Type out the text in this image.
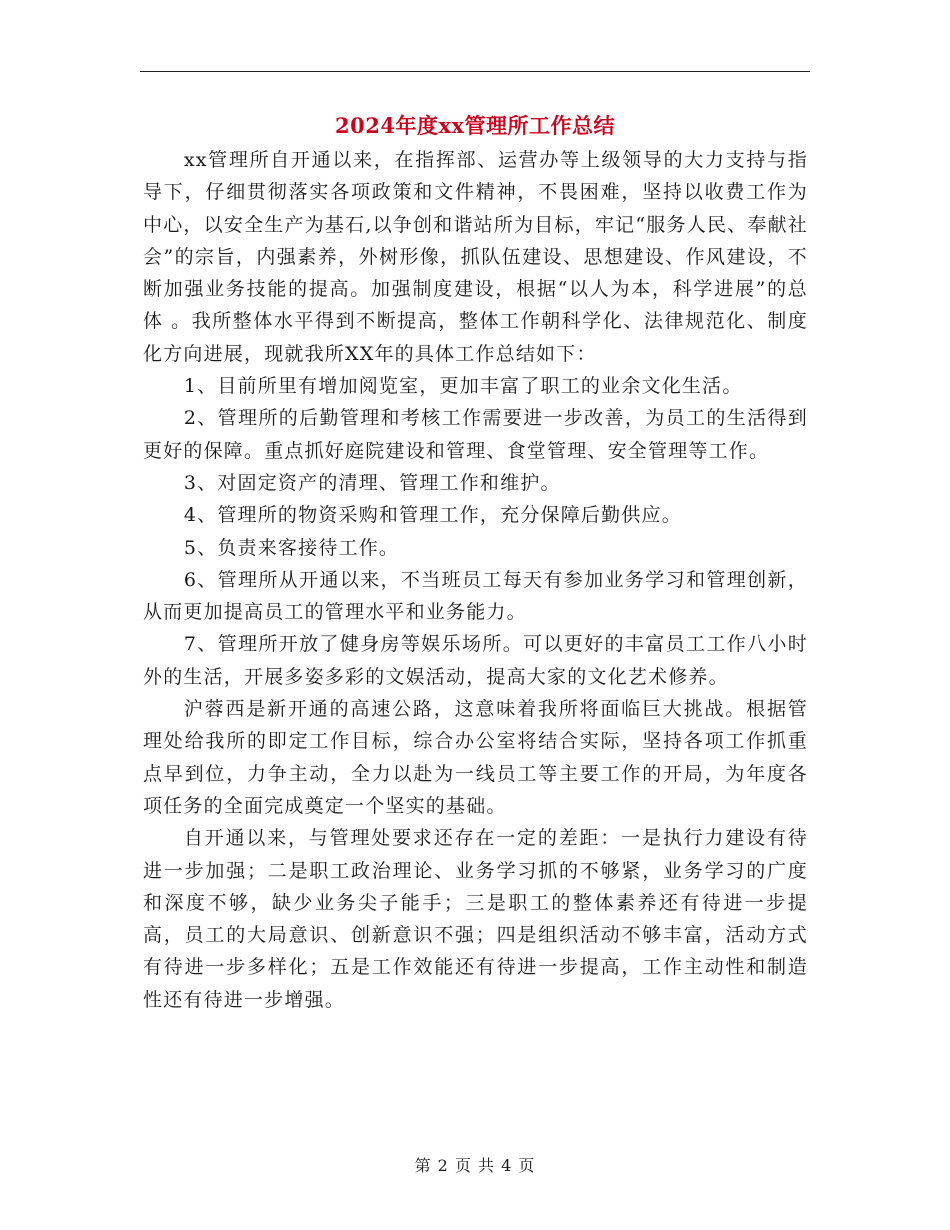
2024年度xx管理所工作总结

xx管理所自开通以来，在指挥部、运营办等上级领导的大力支持与指导下，仔细贯彻落实各项政策和文件精神，不畏困难，坚持以收费工作为中心，以安全生产为基石,以争创和谐站所为目标，牢记“服务人民、奉献社会”的宗旨，内强素养，外树形像，抓队伍建设、思想建设、作风建设，不断加强业务技能的提高。加强制度建设，根据“以人为本，科学进展”的总体 。我所整体水平得到不断提高，整体工作朝科学化、法律规范化、制度化方向进展，现就我所XX年的具体工作总结如下：

1、目前所里有增加阅览室，更加丰富了职工的业余文化生活。

2、管理所的后勤管理和考核工作需要进一步改善，为员工的生活得到更好的保障。重点抓好庭院建设和管理、食堂管理、安全管理等工作。

3、对固定资产的清理、管理工作和维护。

4、管理所的物资采购和管理工作，充分保障后勤供应。

5、负责来客接待工作。

6、管理所从开通以来，不当班员工每天有参加业务学习和管理创新，从而更加提高员工的管理水平和业务能力。

7、管理所开放了健身房等娱乐场所。可以更好的丰富员工工作八小时外的生活，开展多姿多彩的文娱活动，提高大家的文化艺术修养。

沪蓉西是新开通的高速公路，这意味着我所将面临巨大挑战。根据管理处给我所的即定工作目标，综合办公室将结合实际，坚持各项工作抓重点早到位，力争主动，全力以赴为一线员工等主要工作的开局，为年度各项任务的全面完成奠定一个坚实的基础。

自开通以来，与管理处要求还存在一定的差距：一是执行力建设有待进一步加强；二是职工政治理论、业务学习抓的不够紧，业务学习的广度和深度不够，缺少业务尖子能手；三是职工的整体素养还有待进一步提高，员工的大局意识、创新意识不强；四是组织活动不够丰富，活动方式有待进一步多样化；五是工作效能还有待进一步提高，工作主动性和制造性还有待进一步增强。

第 2 页 共 4 页
